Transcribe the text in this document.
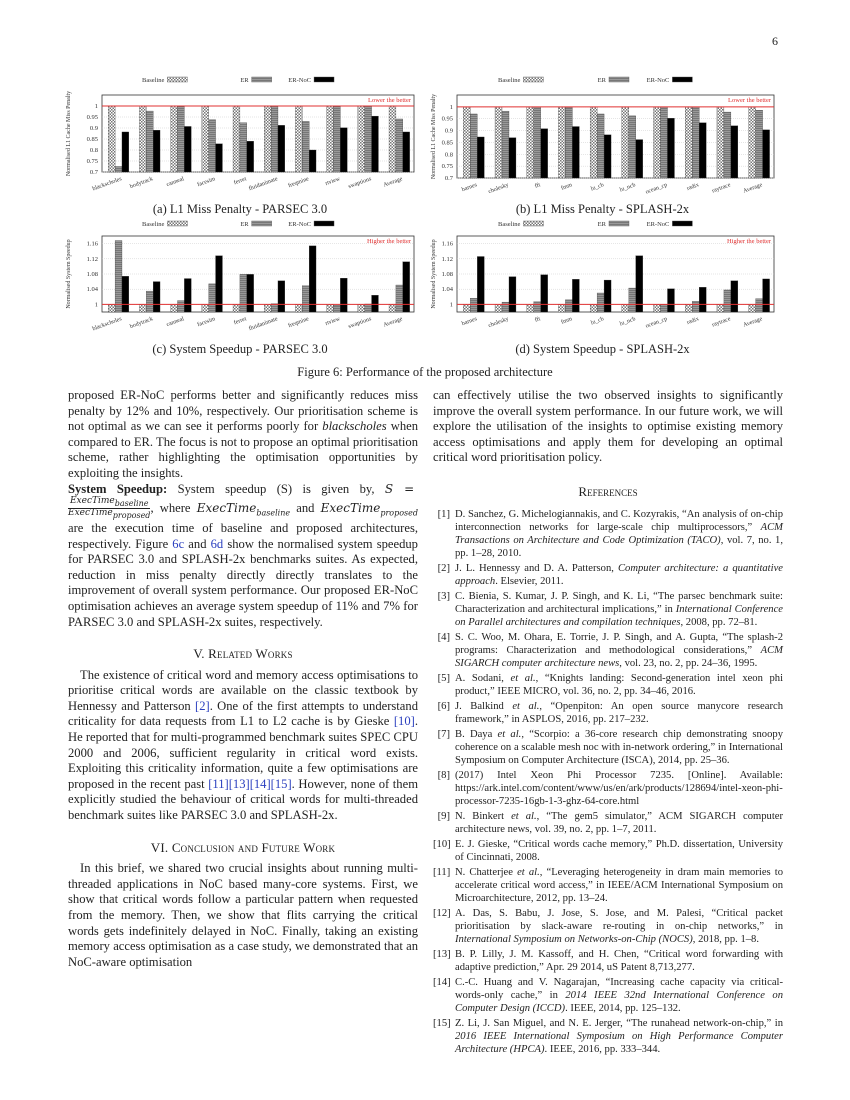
6
Baseline	ER	ER-NoC
0.7
0.75
0.8
0.85
0.9
0.95
1
Normalised L1 Cache Miss Penalty
blackscholes bodytrack canneal facesim	ferret fluidanimate freqmine rtview swaptions Average
Lower the better
(a) L1 Miss Penalty - PARSEC 3.0
Baseline	ER	ER-NoC
0.7
0.75
0.8
0.85
0.9
0.95
1
Normalised L1 Cache Miss Penalty
barnes cholesky	fft	fmm	lu_cb lu_ncb ocean_cp	radix raytrace Average
Lower the better
(b) L1 Miss Penalty - SPLASH-2x
Baseline	ER	ER-NoC
1
1.04
1.08
1.12
1.16
Normalised System Speedup
blackscholes bodytrack canneal facesim	ferret fluidanimate freqmine rtview swaptions Average
Higher the better
(c) System Speedup - PARSEC 3.0
Baseline	ER	ER-NoC
1
1.04
1.08
1.12
1.16
Normalised System Speedup
barnes cholesky	fft	fmm	lu_cb lu_ncb ocean_cp	radix raytrace Average
Higher the better
(d) System Speedup - SPLASH-2x
Figure 6: Performance of the proposed architecture

proposed ER-NoC performs better and significantly reduces miss penalty by 12% and 10%, respectively. Our prioritisation scheme is not optimal as we can see it performs poorly for blackscholes when compared to ER. The focus is not to propose an optimal prioritisation scheme, rather highlighting the optimisation opportunities by exploiting the insights.

System Speedup: System speedup (S) is given by, S =
$\frac{ExecTime_{baseline}}{ExecTime_{proposed}}$ , where ExecTime$_{baseline}$ and ExecTime$_{proposed}$ are the execution time of baseline and proposed architectures, respectively. Figure 6c and 6d show the normalised system speedup for PARSEC 3.0 and SPLASH-2x benchmarks suites. As expected, reduction in miss penalty directly directly translates to the improvement of overall system performance. Our proposed ER-NoC optimisation achieves an average system speedup of 11% and 7% for PARSEC 3.0 and SPLASH-2x suites, respectively.

V. Related Works

The existence of critical word and memory access optimisations to prioritise critical words are available on the classic textbook by Hennessy and Patterson [2]. One of the first attempts to understand criticality for data requests from L1 to L2 cache is by Gieske [10]. He reported that for multi-programmed benchmark suites SPEC CPU 2000 and 2006, sufficient regularity in critical word exists. Exploiting this criticality information, quite a few optimisations are proposed in the recent past [11][13][14][15]. However, none of them explicitly studied the behaviour of critical words for multi-threaded benchmark suites like PARSEC 3.0 and SPLASH-2x.

VI. Conclusion and Future Work

In this brief, we shared two crucial insights about running multi-threaded applications in NoC based many-core systems. First, we show that critical words follow a particular pattern when requested from the memory. Then, we show that flits carrying the critical words gets indefinitely delayed in NoC. Finally, taking an existing memory access optimisation as a case study, we demonstrated that an NoC-aware optimisation

can effectively utilise the two observed insights to significantly improve the overall system performance. In our future work, we will explore the utilisation of the insights to optimise existing memory access optimisations and apply them for developing an optimal critical word prioritisation policy.

References
[1] D. Sanchez, G. Michelogiannakis, and C. Kozyrakis, “An analysis of on-chip interconnection networks for large-scale chip multiprocessors,” ACM Transactions on Architecture and Code Optimization (TACO), vol. 7, no. 1, pp. 1–28, 2010.
[2] J. L. Hennessy and D. A. Patterson, Computer architecture: a quantitative approach. Elsevier, 2011.
[3] C. Bienia, S. Kumar, J. P. Singh, and K. Li, “The parsec benchmark suite: Characterization and architectural implications,” in International Conference on Parallel architectures and compilation techniques, 2008, pp. 72–81.
[4] S. C. Woo, M. Ohara, E. Torrie, J. P. Singh, and A. Gupta, “The splash-2 programs: Characterization and methodological considerations,” ACM SIGARCH computer architecture news, vol. 23, no. 2, pp. 24–36, 1995.
[5] A. Sodani, et al., “Knights landing: Second-generation intel xeon phi product,” IEEE MICRO, vol. 36, no. 2, pp. 34–46, 2016.
[6] J. Balkind et al., “Openpiton: An open source manycore research framework,” in ASPLOS, 2016, pp. 217–232.
[7] B. Daya et al., “Scorpio: a 36-core research chip demonstrating snoopy coherence on a scalable mesh noc with in-network ordering,” in International Symposium on Computer Architecture (ISCA), 2014, pp. 25–36.
[8] (2017) Intel Xeon Phi Processor 7235. [Online]. Available: https://ark.intel.com/content/www/us/en/ark/products/128694/intel-xeon-phi-processor-7235-16gb-1-3-ghz-64-core.html
[9] N. Binkert et al., “The gem5 simulator,” ACM SIGARCH computer architecture news, vol. 39, no. 2, pp. 1–7, 2011.
[10] E. J. Gieske, “Critical words cache memory,” Ph.D. dissertation, University of Cincinnati, 2008.
[11] N. Chatterjee et al., “Leveraging heterogeneity in dram main memories to accelerate critical word access,” in IEEE/ACM International Symposium on Microarchitecture, 2012, pp. 13–24.
[12] A. Das, S. Babu, J. Jose, S. Jose, and M. Palesi, “Critical packet prioritisation by slack-aware re-routing in on-chip networks,” in International Symposium on Networks-on-Chip (NOCS), 2018, pp. 1–8.
[13] B. P. Lilly, J. M. Kassoff, and H. Chen, “Critical word forwarding with adaptive prediction,” Apr. 29 2014, uS Patent 8,713,277.
[14] C.-C. Huang and V. Nagarajan, “Increasing cache capacity via critical-words-only cache,” in 2014 IEEE 32nd International Conference on Computer Design (ICCD). IEEE, 2014, pp. 125–132.
[15] Z. Li, J. San Miguel, and N. E. Jerger, “The runahead network-on-chip,” in 2016 IEEE International Symposium on High Performance Computer Architecture (HPCA). IEEE, 2016, pp. 333–344.
